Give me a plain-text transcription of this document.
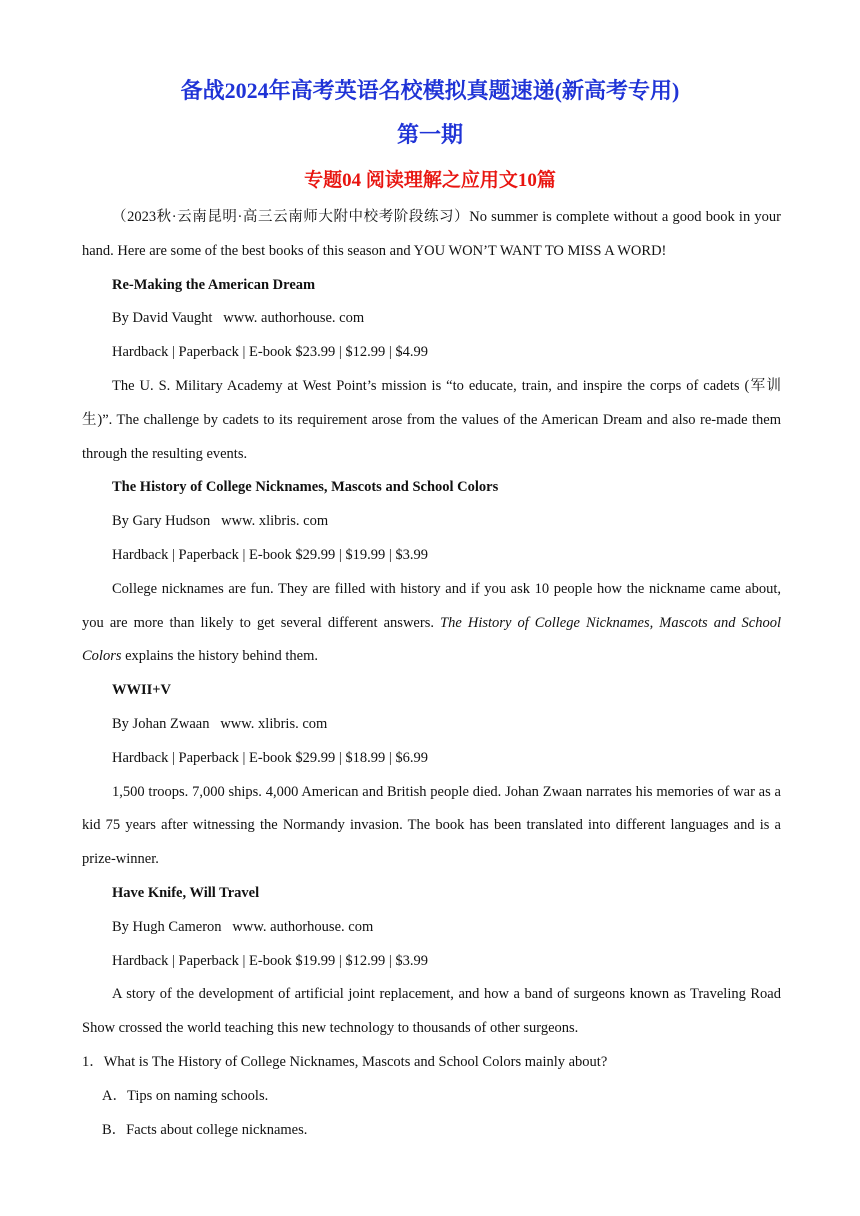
备战2024年高考英语名校模拟真题速递(新高考专用)
第一期
专题04 阅读理解之应用文10篇

（2023秋·云南昆明·高三云南师大附中校考阶段练习）No summer is complete without a good book in your hand. Here are some of the best books of this season and YOU WON’T WANT TO MISS A WORD!

Re-Making the American Dream

By David Vaught   www. authorhouse. com

Hardback | Paperback | E-book $23.99 | $12.99 | $4.99

The U. S. Military Academy at West Point’s mission is “to educate, train, and inspire the corps of cadets (军训生)”. The challenge by cadets to its requirement arose from the values of the American Dream and also re-made them through the resulting events.

The History of College Nicknames, Mascots and School Colors

By Gary Hudson   www. xlibris. com

Hardback | Paperback | E-book $29.99 | $19.99 | $3.99

College nicknames are fun. They are filled with history and if you ask 10 people how the nickname came about, you are more than likely to get several different answers. The History of College Nicknames, Mascots and School Colors explains the history behind them.

WWII+V

By Johan Zwaan   www. xlibris. com

Hardback | Paperback | E-book $29.99 | $18.99 | $6.99

1,500 troops. 7,000 ships. 4,000 American and British people died. Johan Zwaan narrates his memories of war as a kid 75 years after witnessing the Normandy invasion. The book has been translated into different languages and is a prize-winner.

Have Knife, Will Travel

By Hugh Cameron   www. authorhouse. com

Hardback | Paperback | E-book $19.99 | $12.99 | $3.99

A story of the development of artificial joint replacement, and how a band of surgeons known as Traveling Road Show crossed the world teaching this new technology to thousands of other surgeons.

1．What is The History of College Nicknames, Mascots and School Colors mainly about?

A．Tips on naming schools.

B．Facts about college nicknames.
